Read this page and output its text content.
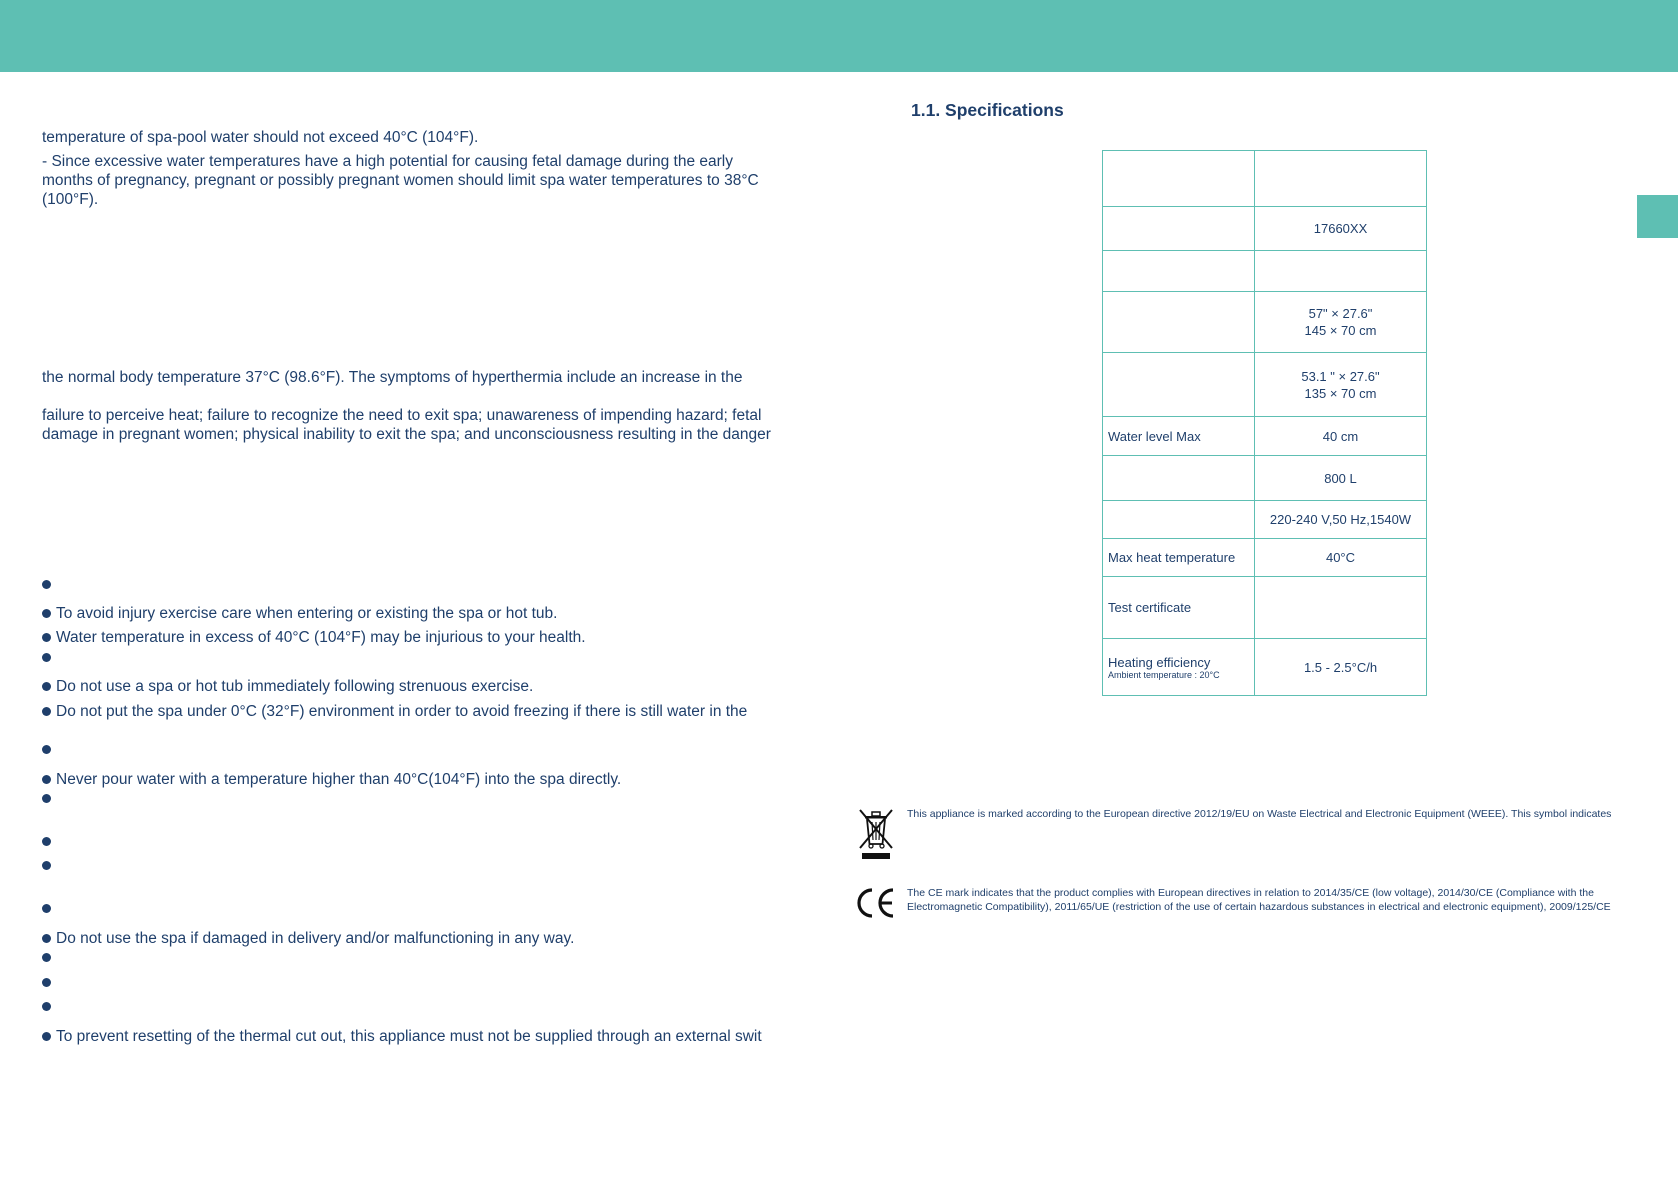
temperature of spa-pool water should not exceed 40°C (104°F).
- Since excessive water temperatures have a high potential for causing fetal damage during the early
months of pregnancy, pregnant or possibly pregnant women should limit spa water temperatures to 38°C
(100°F).
the normal body temperature 37°C (98.6°F). The symptoms of hyperthermia include an increase in the
failure to perceive heat; failure to recognize the need to exit spa; unawareness of impending hazard; fetal
damage in pregnant women; physical inability to exit the spa; and unconsciousness resulting in the danger
To avoid injury exercise care when entering or existing the spa or hot tub.
Water temperature in excess of 40°C (104°F) may be injurious to your health.
Do not use a spa or hot tub immediately following strenuous exercise.
Do not put the spa under 0°C (32°F) environment in order to avoid freezing if there is still water in the
Never pour water with a temperature higher than 40°C(104°F) into the spa directly.
Do not use the spa if damaged in delivery and/or malfunctioning in any way.
To prevent resetting of the thermal cut out, this appliance must not be supplied through an external swit
1.1. Specifications

	17660XX

	57" × 27.6"
145 × 70 cm

	53.1 " × 27.6"
135 × 70 cm

Water level Max	40 cm
	800 L
	220-240 V,50 Hz,1540W
Max heat temperature	40°C
Test certificate	

Heating efficiency
Ambient temperature : 20°C	1.5 - 2.5°C/h
This appliance is marked according to the European directive 2012/19/EU on Waste Electrical and Electronic Equipment (WEEE). This symbol indicates
The CE mark indicates that the product complies with European directives in relation to 2014/35/CE (low voltage), 2014/30/CE (Compliance with the
Electromagnetic Compatibility), 2011/65/UE (restriction of the use of certain hazardous substances in electrical and electronic equipment), 2009/125/CE
